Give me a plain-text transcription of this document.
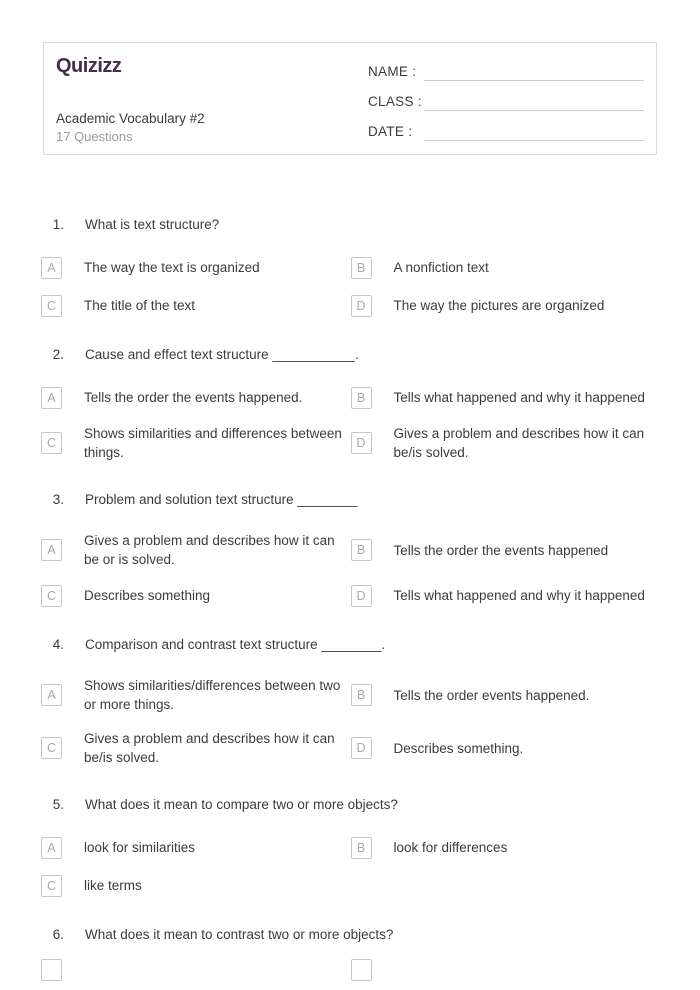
Quizizz
Academic Vocabulary #2
17 Questions
NAME :
CLASS :
DATE :
1. What is text structure?
A	The way the text is organized	B	A nonfiction text
C	The title of the text	D	The way the pictures are organized
2. Cause and effect text structure ___________.
A	Tells the order the events happened.	B	Tells what happened and why it happened
C
Shows similarities and differences between things.
D
Gives a problem and describes how it can be/is solved.
3. Problem and solution text structure ________
A
Gives a problem and describes how it can be or is solved.
B	Tells the order the events happened
C	Describes something	D	Tells what happened and why it happened
4. Comparison and contrast text structure ________.
A
Shows similarities/differences between two or more things.
B	Tells the order events happened.
C
Gives a problem and describes how it can be/is solved.
D	Describes something.
5. What does it mean to compare two or more objects?
A	look for similarities	B	look for differences
C	like terms
6. What does it mean to contrast two or more objects?
